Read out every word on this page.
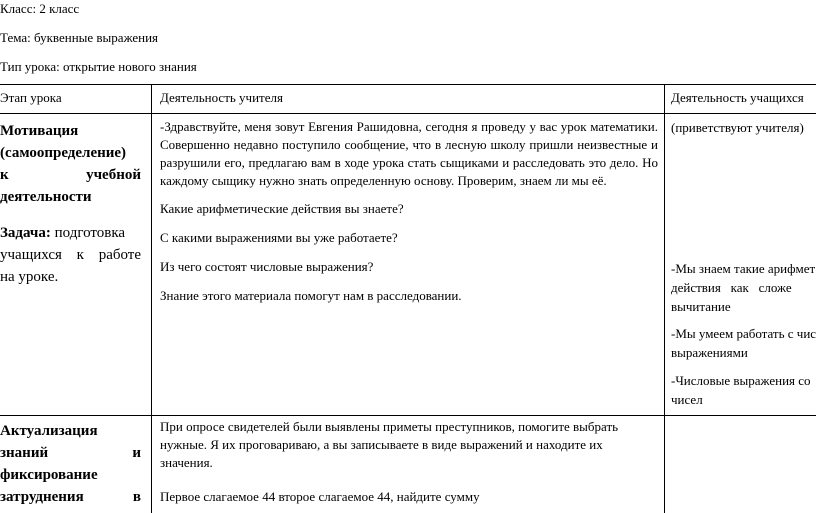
Класс: 2 класс
Тема: буквенные выражения
Тип урока: открытие нового знания
Этап урока	Деятельность учителя	Деятельность учащихся
Мотивация
(самоопределение)
к учебной
деятельности
Задача: подготовка
учащихся к работе
на уроке.

-Здравствуйте, меня зовут Евгения Рашидовна, сегодня я проведу у вас урок математики. Совершенно недавно поступило сообщение, что в лесную школу пришли неизвестные и разрушили его, предлагаю вам в ходе урока стать сыщиками и расследовать это дело. Но каждому сыщику нужно знать определенную основу. Проверим, знаем ли мы её.

Какие арифметические действия вы знаете?

С какими выражениями вы уже работаете?

Из чего состоят числовые выражения?

Знание этого материала помогут нам в расследовании.

(приветствуют учителя)

-Мы знаем такие арифмет

действия   как   сложе

вычитание

-Мы умеем работать с чис

выражениями

-Числовые выражения со

чисел

Актуализация
знаний и
фиксирование
затруднения в

При опросе свидетелей были выявлены приметы преступников, помогите выбрать нужные. Я их проговариваю, а вы записываете в виде выражений и находите их значения.

Первое слагаемое 44 второе слагаемое 44, найдите сумму
